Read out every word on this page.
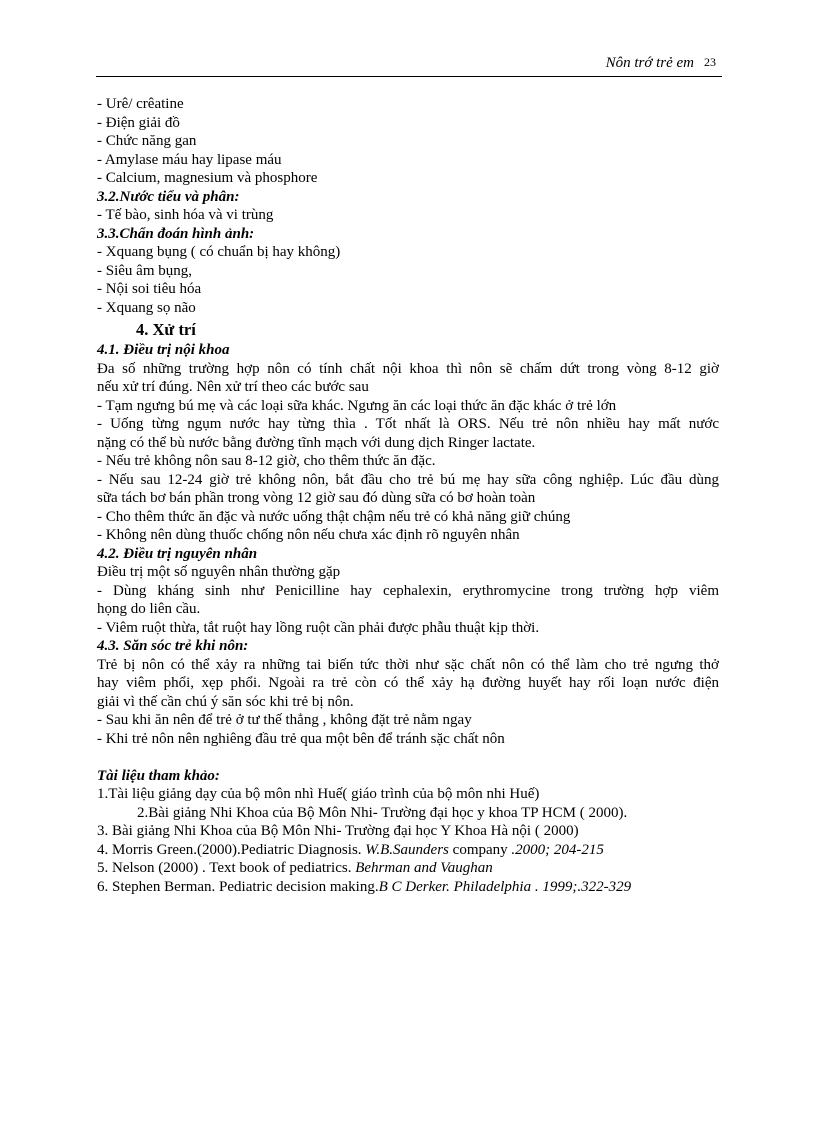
Nôn trớ trẻ em 23
- Urê/ crêatine
- Điện giải đồ
- Chức năng gan
- Amylase máu hay lipase máu
- Calcium, magnesium và phosphore
3.2.Nước tiểu và phân:
- Tế bào, sinh hóa và vi trùng
3.3.Chẩn đoán hình ảnh:
- Xquang bụng ( có chuẩn bị hay không)
- Siêu âm bụng,
- Nội soi tiêu hóa
- Xquang sọ não
4. Xử trí
4.1. Điều trị nội khoa
Đa số những trường hợp nôn có tính chất nội khoa thì nôn sẽ chấm dứt trong vòng 8-12 giờ
nếu xử trí đúng. Nên xử trí theo các bước sau
- Tạm ngưng bú mẹ và các loại sữa khác. Ngưng ăn các loại thức ăn đặc khác ở trẻ lớn
- Uống từng ngụm nước hay từng thìa . Tốt nhất là ORS. Nếu trẻ nôn nhiều hay mất nước
nặng có thể bù nước bằng đường tĩnh mạch với dung dịch Ringer lactate.
- Nếu trẻ không nôn sau 8-12 giờ, cho thêm thức ăn đặc.
- Nếu sau 12-24 giờ trẻ không nôn, bắt đầu cho trẻ bú mẹ hay sữa công nghiệp. Lúc đầu dùng
sữa tách bơ bán phần trong vòng 12 giờ sau đó dùng sữa có bơ hoàn toàn
- Cho thêm thức ăn đặc và nước uống thật chậm nếu trẻ có khả năng giữ chúng
- Không nên dùng thuốc chống nôn nếu chưa xác định rõ nguyên nhân
4.2. Điều trị nguyên nhân
Điều trị một số nguyên nhân thường gặp
- Dùng kháng sinh như Penicilline hay cephalexin, erythromycine trong trường hợp viêm
họng do liên cầu.
- Viêm ruột thừa, tắt ruột hay lồng ruột cần phải được phẫu thuật kịp thời.
4.3. Săn sóc trẻ khi nôn:
Trẻ bị nôn có thể xảy ra những tai biến tức thời như sặc chất nôn có thể làm cho trẻ ngưng thở
hay viêm phổi, xẹp phổi. Ngoài ra trẻ còn có thể xảy hạ đường huyết hay rối loạn nước điện
giải vì thế cần chú ý săn sóc khi trẻ bị nôn.
- Sau khi ăn nên để trẻ ở tư thế thẳng , không đặt trẻ nằm ngay
- Khi trẻ nôn nên nghiêng đầu trẻ qua một bên để tránh sặc chất nôn
Tài liệu tham khảo:
1.Tài liệu giảng dạy của bộ môn nhì Huế( giáo trình của bộ môn nhi Huế)
2.Bài giảng Nhi Khoa của Bộ Môn Nhi- Trường đại học y khoa TP HCM ( 2000).
3. Bài giảng Nhi Khoa của Bộ Môn Nhi- Trường đại học Y Khoa Hà nội ( 2000)
4. Morris Green.(2000).Pediatric Diagnosis. W.B.Saunders company .2000; 204-215
5. Nelson (2000) . Text book of pediatrics. Behrman and Vaughan
6. Stephen Berman. Pediatric decision making.B C Derker. Philadelphia . 1999;.322-329
